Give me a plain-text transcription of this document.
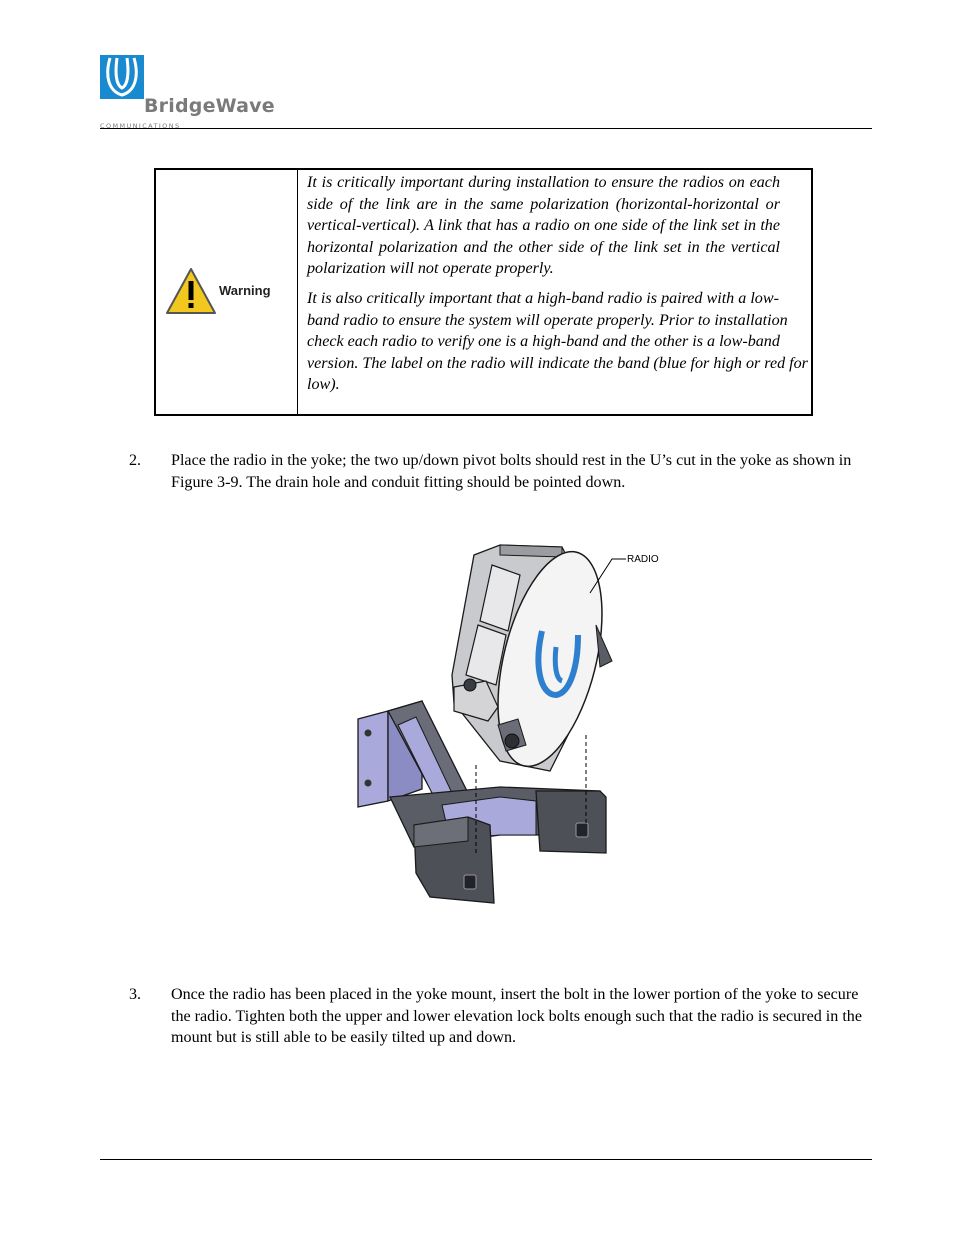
BridgeWave
COMMUNICATIONS
Warning

It is critically important during installation to ensure the radios on each side of the link are in the same polarization (horizontal-horizontal or vertical-vertical). A link that has a radio on one side of the link set in the horizontal polarization and the other side of the link set in the vertical polarization will not operate properly.

It is also critically important that a high-band radio is paired with a low-band radio to ensure the system will operate properly. Prior to installation check each radio to verify one is a high-band and the other is a low-band version. The label on the radio will indicate the band (blue for high or red for low).

2. Place the radio in the yoke; the two up/down pivot bolts should rest in the U’s cut in the yoke as shown in Figure 3-9. The drain hole and conduit fitting should be pointed down.
RADIO
3. Once the radio has been placed in the yoke mount, insert the bolt in the lower portion of the yoke to secure the radio. Tighten both the upper and lower elevation lock bolts enough such that the radio is secured in the mount but is still able to be easily tilted up and down.
